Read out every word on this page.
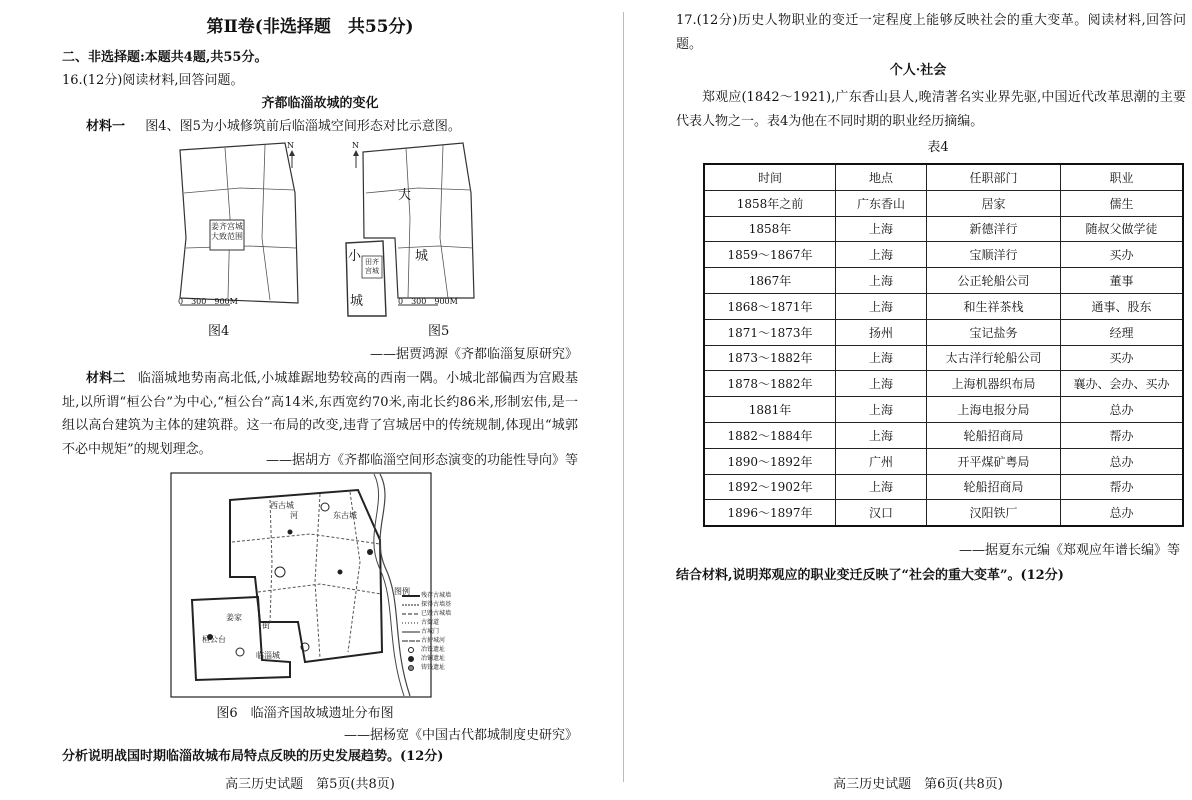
第Ⅱ卷(非选择题　共55分)
二、非选择题:本题共4题,共55分。
16.(12分)阅读材料,回答问题。
齐都临淄故城的变化
材料一 图4、图5为小城修筑前后临淄城空间形态对比示意图。
N
姜齐宫城
大致范围
0　300　900M
图4
N
大
城
小
城
田齐
宫城
0　300　900M
图5
——据贾鸿源《齐都临淄复原研究》
材料二 临淄城地势南高北低,小城雄踞地势较高的西南一隅。小城北部偏西为宫殿基址,以所谓“桓公台”为中心,“桓公台”高14米,东西宽约70米,南北长约86米,形制宏伟,是一组以高台建筑为主体的建筑群。这一布局的改变,违背了宫城居中的传统规制,体现出“城郭不必中规矩”的规划理念。
——据胡方《齐都临淄空间形态演变的功能性导向》等
西古城
东古城
河
姜家
桓公台
街
临淄城
图例 残存古城墙
探得古墙基
已毁古城墙
古街道
古城门
古护城河
冶铁遗址
冶铜遗址
铸钱遗址
图6　临淄齐国故城遗址分布图
——据杨宽《中国古代都城制度史研究》
分析说明战国时期临淄故城布局特点反映的历史发展趋势。(12分)
高三历史试题　第5页(共8页)
17.(12分)历史人物职业的变迁一定程度上能够反映社会的重大变革。阅读材料,回答问题。
个人·社会
郑观应(1842～1921),广东香山县人,晚清著名实业界先驱,中国近代改革思潮的主要代表人物之一。表4为他在不同时期的职业经历摘编。
表4
时间	地点	任职部门	职业
1858年之前	广东香山	居家	儒生
1858年	上海	新德洋行	随叔父做学徒
1859～1867年	上海	宝顺洋行	买办
1867年	上海	公正轮船公司	董事
1868～1871年	上海	和生祥茶栈	通事、股东
1871～1873年	扬州	宝记盐务	经理
1873～1882年	上海	太古洋行轮船公司	买办
1878～1882年	上海	上海机器织布局	襄办、会办、买办
1881年	上海	上海电报分局	总办
1882～1884年	上海	轮船招商局	帮办
1890～1892年	广州	开平煤矿粤局	总办
1892～1902年	上海	轮船招商局	帮办
1896～1897年	汉口	汉阳铁厂	总办
——据夏东元编《郑观应年谱长编》等
结合材料,说明郑观应的职业变迁反映了“社会的重大变革”。(12分)
高三历史试题　第6页(共8页)
